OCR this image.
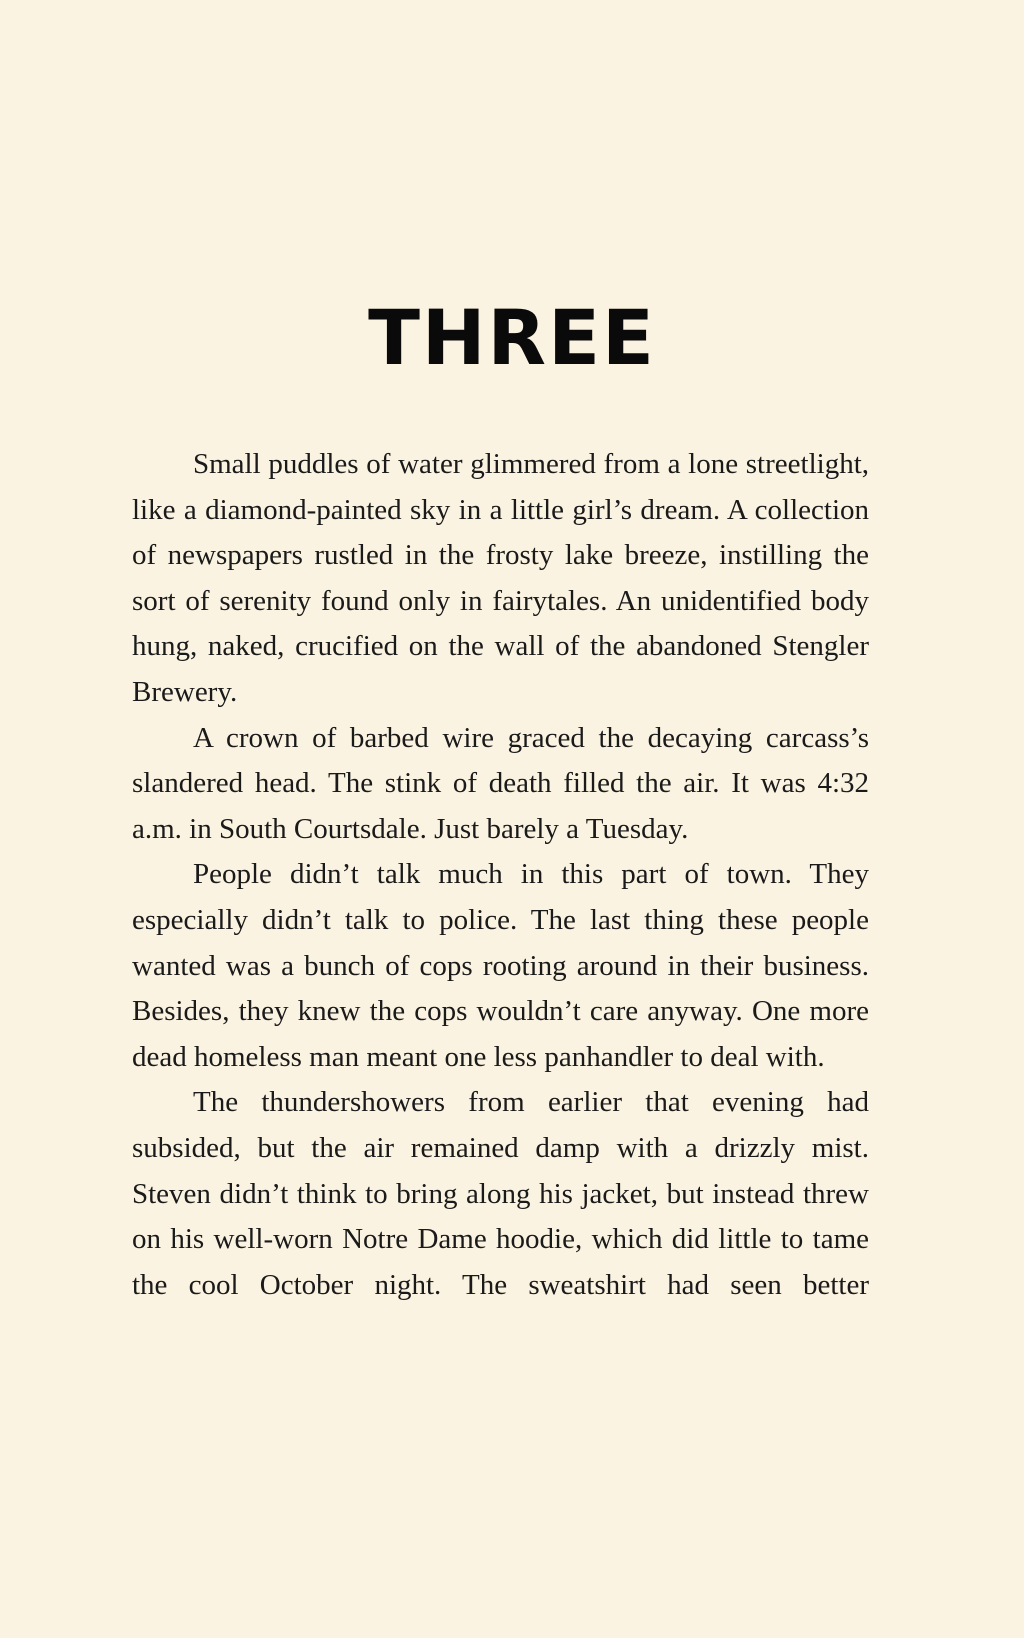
THREE

Small puddles of water glimmered from a lone streetlight, like a diamond-painted sky in a little girl’s dream. A collection of newspapers rustled in the frosty lake breeze, instilling the sort of serenity found only in fairytales. An unidentified body hung, naked, crucified on the wall of the abandoned Stengler Brewery.

A crown of barbed wire graced the decaying carcass’s slandered head. The stink of death filled the air. It was 4:32 a.m. in South Courtsdale. Just barely a Tuesday.

People didn’t talk much in this part of town. They especially didn’t talk to police. The last thing these people wanted was a bunch of cops rooting around in their business. Besides, they knew the cops wouldn’t care anyway. One more dead homeless man meant one less panhandler to deal with.

The thundershowers from earlier that evening had subsided, but the air remained damp with a drizzly mist. Steven didn’t think to bring along his jacket, but instead threw on his well-worn Notre Dame hoodie, which did little to tame the cool October night. The sweatshirt had seen better
